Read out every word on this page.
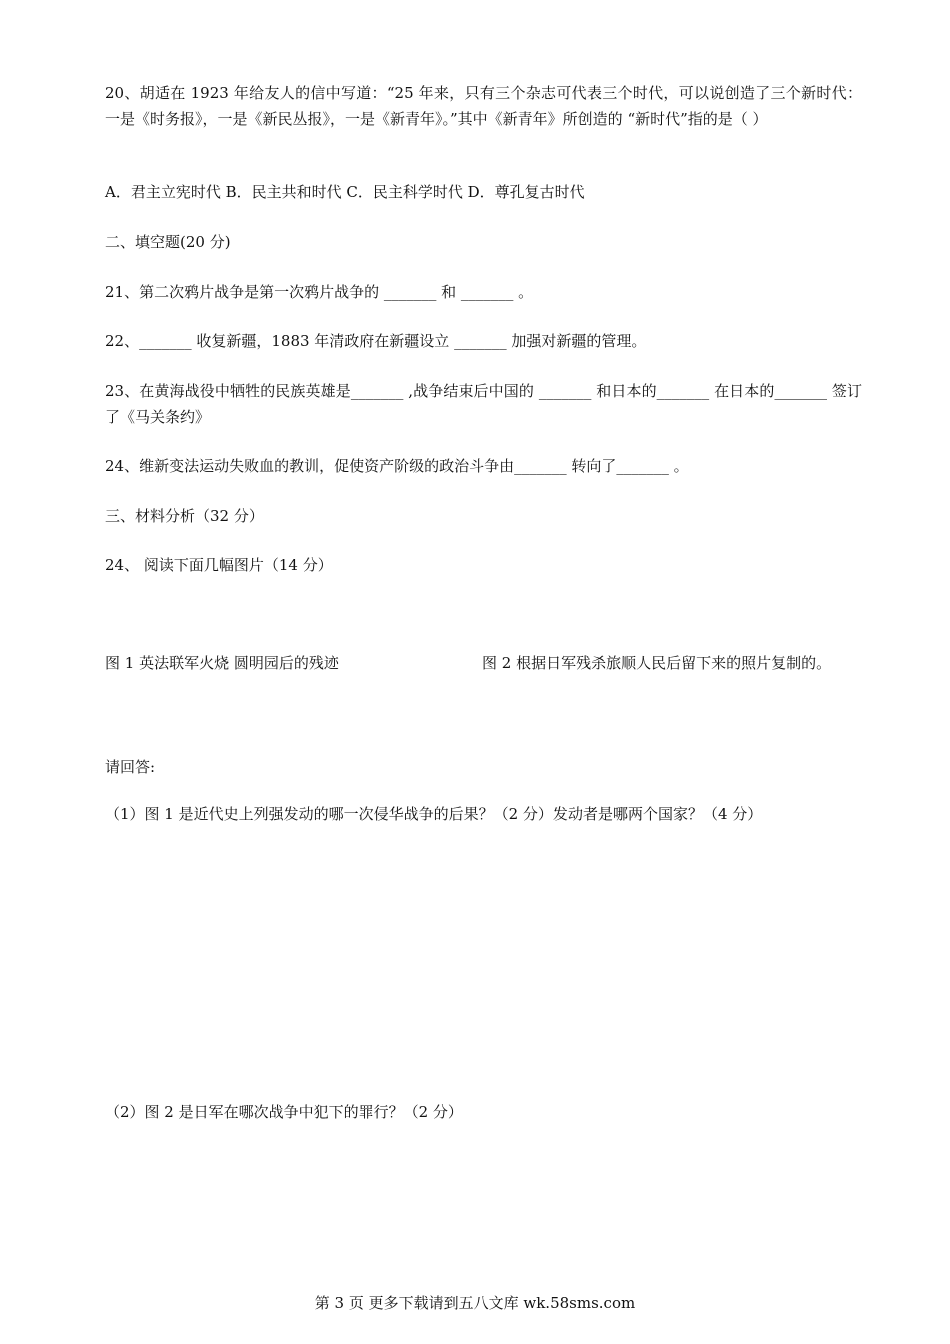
20、胡适在 1923 年给友人的信中写道：“25 年来，只有三个杂志可代表三个时代，可以说创造了三个新时代：一是《时务报》，一是《新民丛报》，一是《新青年》。”其中《新青年》所创造的 “新时代”指的是（ ）
A．君主立宪时代 B．民主共和时代 C．民主科学时代 D．尊孔复古时代
二、填空题(20 分)
21、第二次鸦片战争是第一次鸦片战争的 _______ 和 _______ 。
22、_______ 收复新疆，1883 年清政府在新疆设立 _______ 加强对新疆的管理。
23、在黄海战役中牺牲的民族英雄是_______ ,战争结束后中国的 _______ 和日本的_______ 在日本的_______ 签订了《马关条约》
24、维新变法运动失败血的教训，促使资产阶级的政治斗争由_______ 转向了_______ 。
三、材料分析（32 分）
24、 阅读下面几幅图片（14 分）
图 1 英法联军火烧 圆明园后的残迹	图 2 根据日军残杀旅顺人民后留下来的照片复制的。
请回答:
（1）图 1 是近代史上列强发动的哪一次侵华战争的后果？（2 分）发动者是哪两个国家？（4 分）
（2）图 2 是日军在哪次战争中犯下的罪行？（2 分）
第 3 页 更多下载请到五八文库 wk.58sms.com
